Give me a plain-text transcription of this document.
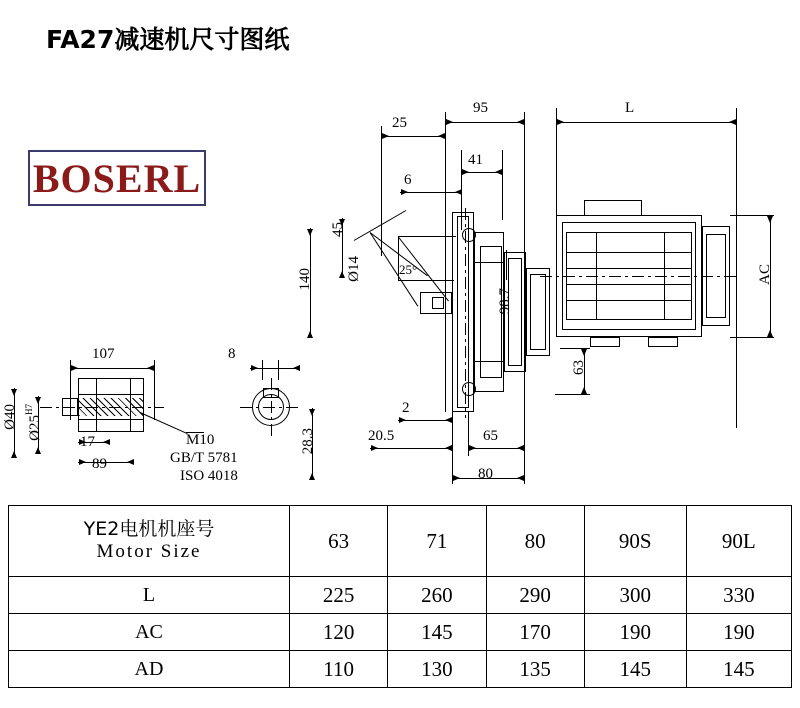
FA27减速机尺寸图纸
BOSERL
95	L
25
41
6
45
140 Ø14	25°
98.7
AC
63
2
20.5	65
80
107
Ø40 $Ø25^{H7}$
17
89
M10
GB/T 5781
ISO 4018
8
28.3
YE2电机机座号
Motor Size	63	71	80	90S	90L
L	225	260	290	300	330
AC	120	145	170	190	190
AD	110	130	135	145	145
